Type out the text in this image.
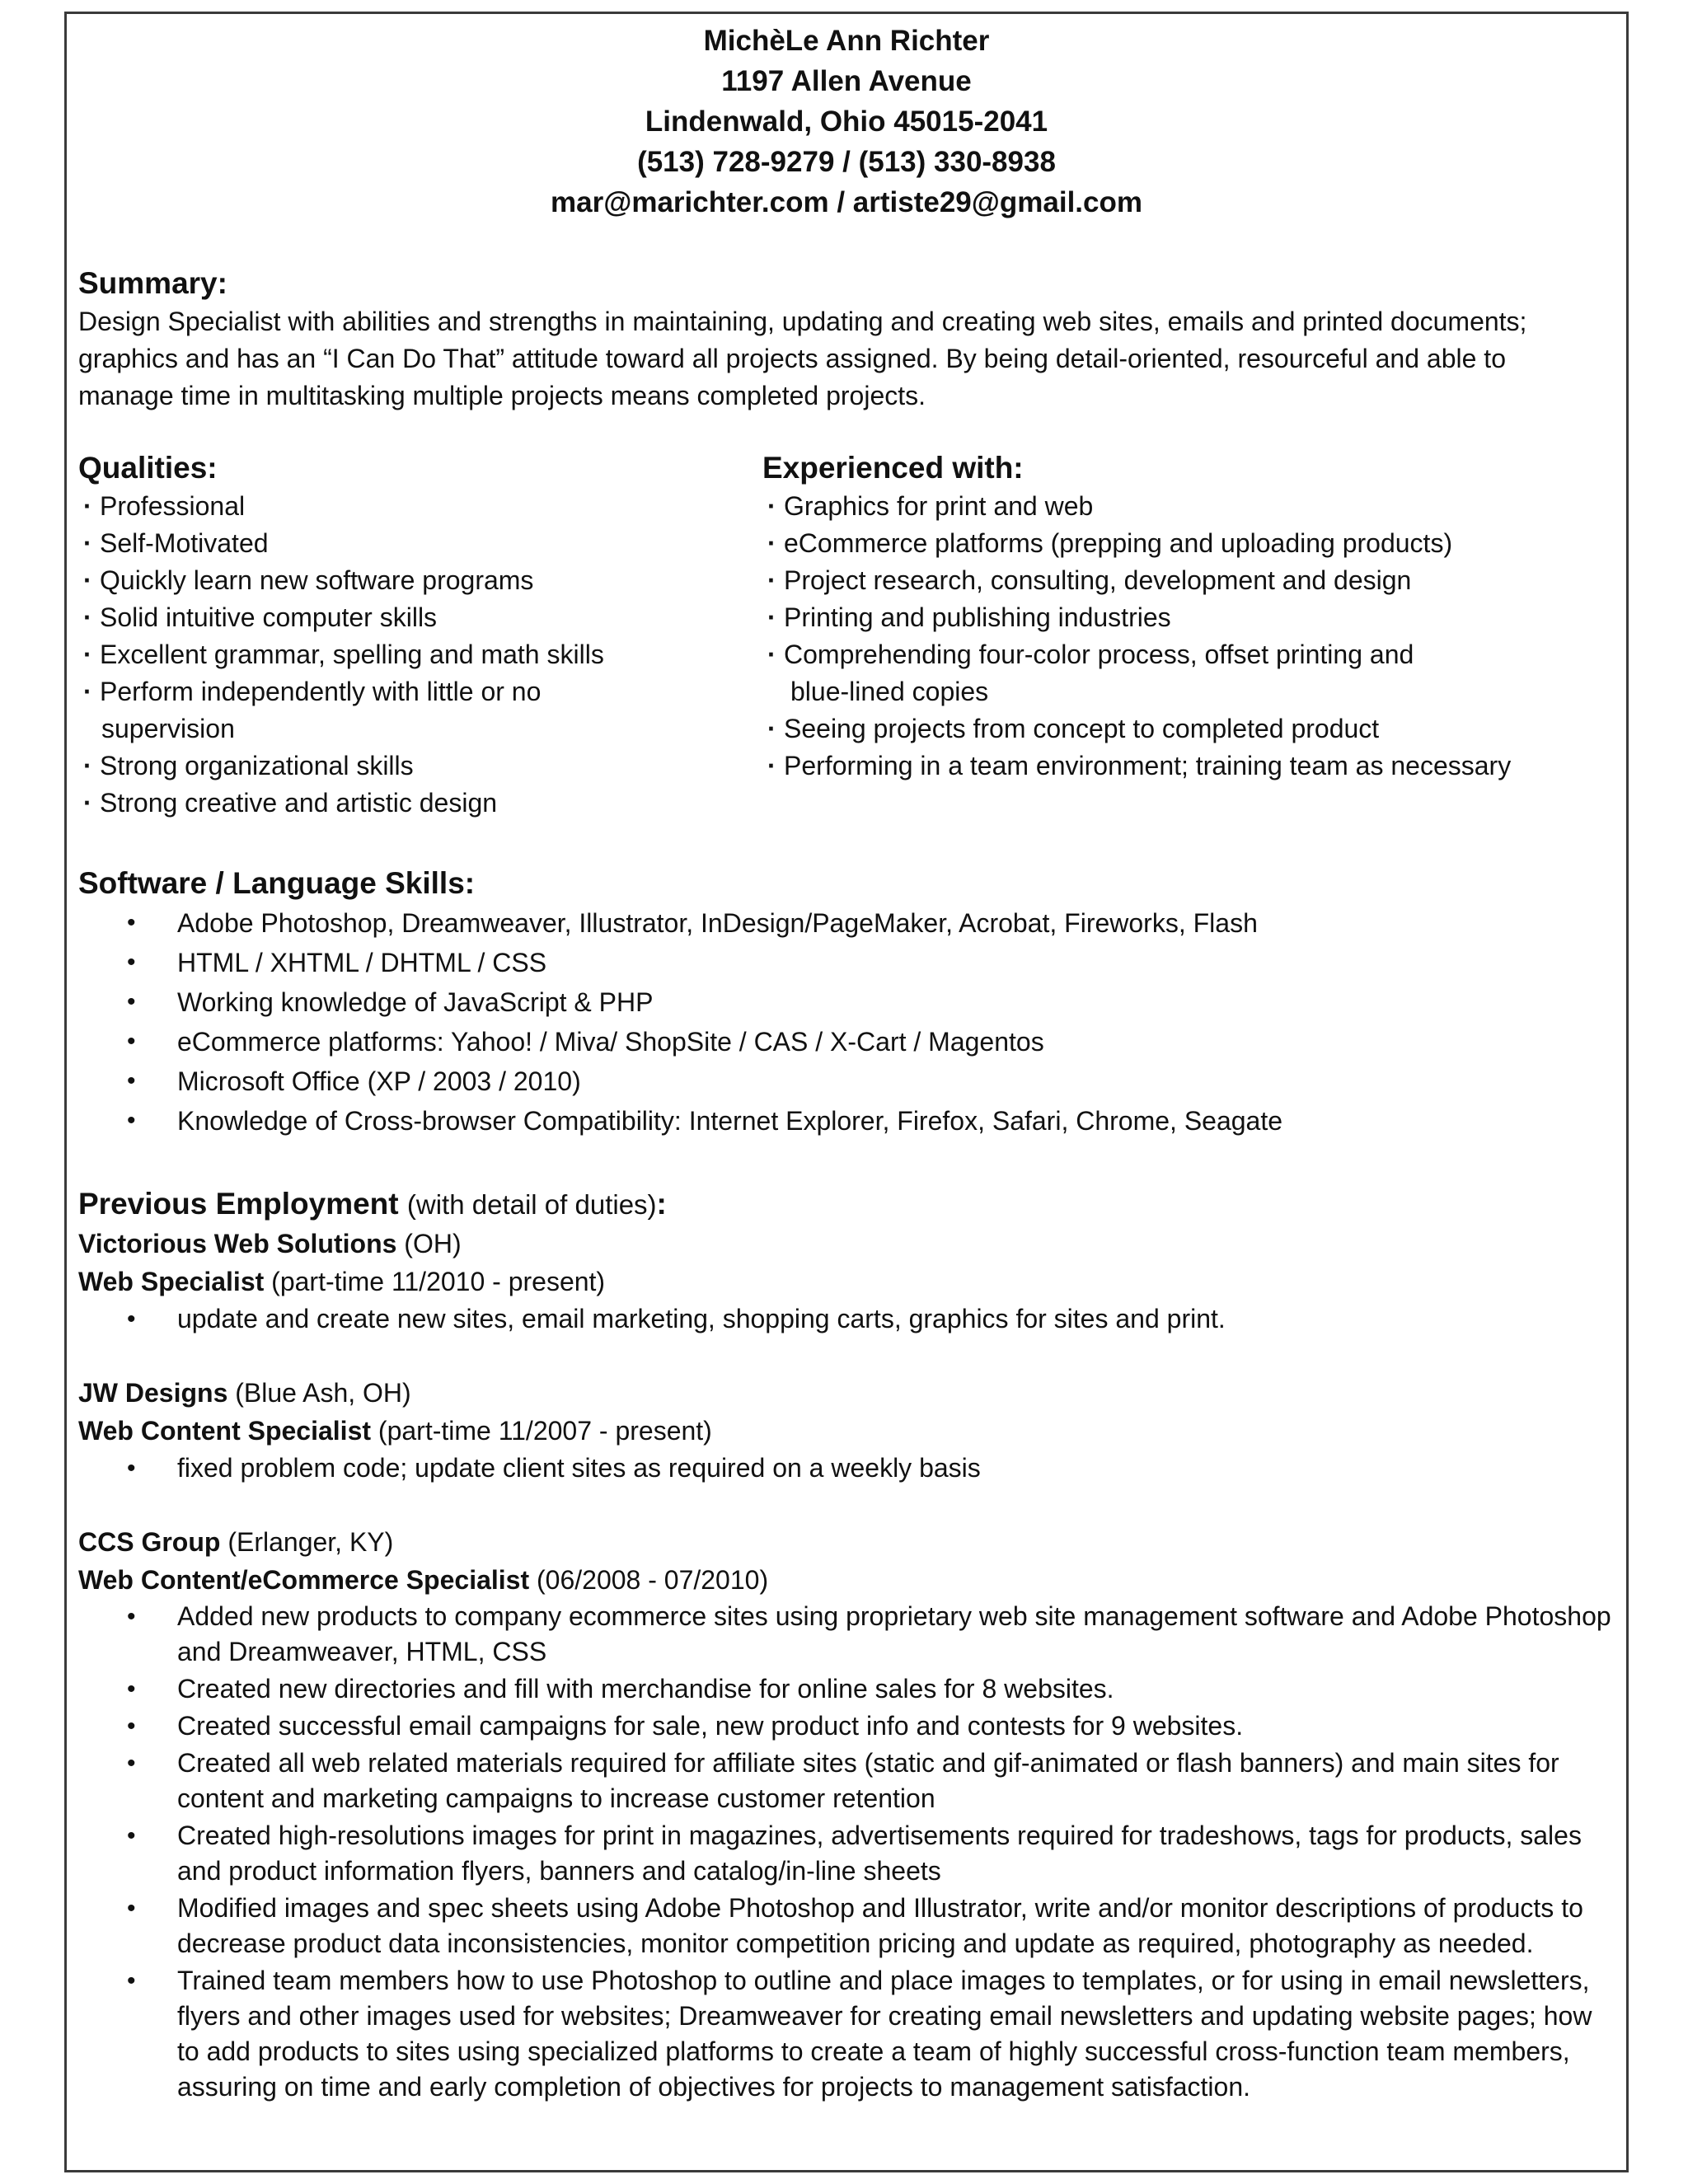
MichèLe Ann Richter
1197 Allen Avenue
Lindenwald, Ohio 45015-2041
(513) 728-9279 / (513) 330-8938
mar@marichter.com / artiste29@gmail.com
Summary:
Design Specialist with abilities and strengths in maintaining, updating and creating web sites, emails and printed documents; graphics and has an “I Can Do That” attitude toward all projects assigned. By being detail-oriented, resourceful and able to manage time in multitasking multiple projects means completed projects.
Qualities:
· Professional
· Self-Motivated
· Quickly learn new software programs
· Solid intuitive computer skills
· Excellent grammar, spelling and math skills
· Perform independently with little or no
supervision
· Strong organizational skills
· Strong creative and artistic design
Experienced with:
· Graphics for print and web
· eCommerce platforms (prepping and uploading products)
· Project research, consulting, development and design
· Printing and publishing industries
· Comprehending four-color process, offset printing and
blue-lined copies
· Seeing projects from concept to completed product
· Performing in a team environment; training team as necessary
Software / Language Skills:
• Adobe Photoshop, Dreamweaver, Illustrator, InDesign/PageMaker, Acrobat, Fireworks, Flash
• HTML / XHTML / DHTML / CSS
• Working knowledge of JavaScript & PHP
• eCommerce platforms: Yahoo! / Miva/ ShopSite / CAS / X-Cart / Magentos
• Microsoft Office (XP / 2003 / 2010)
• Knowledge of Cross-browser Compatibility: Internet Explorer, Firefox, Safari, Chrome, Seagate
Previous Employment (with detail of duties):
Victorious Web Solutions (OH)
Web Specialist (part-time 11/2010 - present)
• update and create new sites, email marketing, shopping carts, graphics for sites and print.
JW Designs (Blue Ash, OH)
Web Content Specialist (part-time 11/2007 - present)
• fixed problem code; update client sites as required on a weekly basis
CCS Group (Erlanger, KY)
Web Content/eCommerce Specialist (06/2008 - 07/2010)
• Added new products to company ecommerce sites using proprietary web site management software and Adobe Photoshop and Dreamweaver, HTML, CSS
• Created new directories and fill with merchandise for online sales for 8 websites.
• Created successful email campaigns for sale, new product info and contests for 9 websites.
• Created all web related materials required for affiliate sites (static and gif-animated or flash banners) and main sites for content and marketing campaigns to increase customer retention
• Created high-resolutions images for print in magazines, advertisements required for tradeshows, tags for products, sales and product information flyers, banners and catalog/in-line sheets
• Modified images and spec sheets using Adobe Photoshop and Illustrator, write and/or monitor descriptions of products to decrease product data inconsistencies, monitor competition pricing and update as required, photography as needed.
• Trained team members how to use Photoshop to outline and place images to templates, or for using in email newsletters, flyers and other images used for websites; Dreamweaver for creating email newsletters and updating website pages; how to add products to sites using specialized platforms to create a team of highly successful cross-function team members, assuring on time and early completion of objectives for projects to management satisfaction.
